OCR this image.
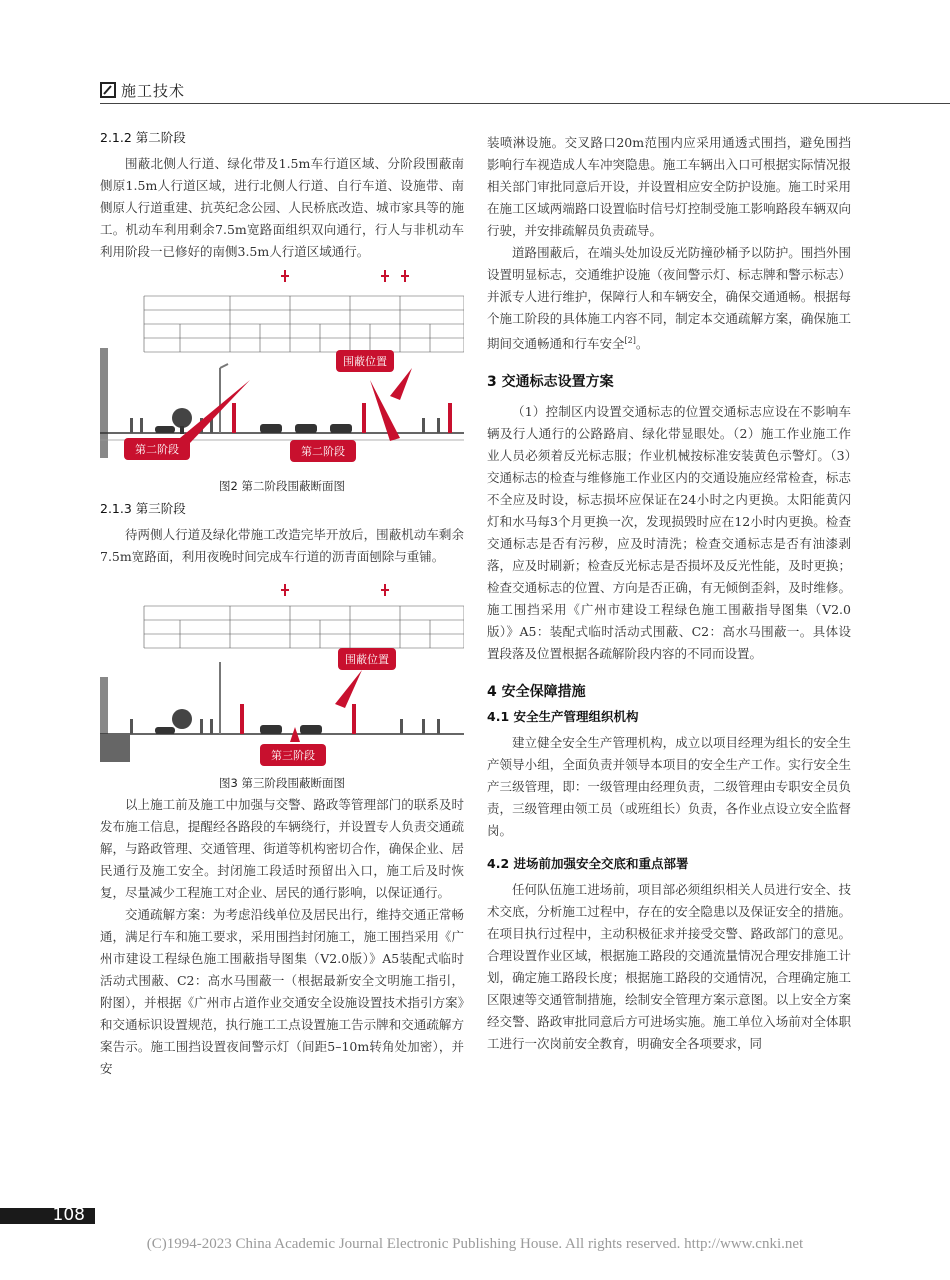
施工技术
2.1.2 第二阶段

围蔽北侧人行道、绿化带及1.5m车行道区域、分阶段围蔽南侧原1.5m人行道区域，进行北侧人行道、自行车道、设施带、南侧原人行道重建、抗英纪念公园、人民桥底改造、城市家具等的施工。机动车利用剩余7.5m宽路面组织双向通行，行人与非机动车利用阶段一已修好的南侧3.5m人行道区域通行。

围蔽位置
第二阶段	第二阶段
图2 第二阶段围蔽断面图
2.1.3 第三阶段

待两侧人行道及绿化带施工改造完毕开放后，围蔽机动车剩余7.5m宽路面，利用夜晚时间完成车行道的沥青面刨除与重铺。

围蔽位置
第三阶段
图3 第三阶段围蔽断面图

以上施工前及施工中加强与交警、路政等管理部门的联系及时发布施工信息，提醒经各路段的车辆绕行，并设置专人负责交通疏解，与路政管理、交通管理、街道等机构密切合作，确保企业、居民通行及施工安全。封闭施工段适时预留出入口，施工后及时恢复，尽量减少工程施工对企业、居民的通行影响，以保证通行。

交通疏解方案：为考虑沿线单位及居民出行，维持交通正常畅通，满足行车和施工要求，采用围挡封闭施工，施工围挡采用《广州市建设工程绿色施工围蔽指导图集（V2.0版）》A5装配式临时活动式围蔽、C2：高水马围蔽一（根据最新安全文明施工指引，附图），并根据《广州市占道作业交通安全设施设置技术指引方案》和交通标识设置规范，执行施工工点设置施工告示牌和交通疏解方案告示。施工围挡设置夜间警示灯（间距5–10m转角处加密），并安

装喷淋设施。交叉路口20m范围内应采用通透式围挡，避免围挡影响行车视造成人车冲突隐患。施工车辆出入口可根据实际情况报相关部门审批同意后开设，并设置相应安全防护设施。施工时采用在施工区域两端路口设置临时信号灯控制受施工影响路段车辆双向行驶，并安排疏解员负责疏导。

道路围蔽后，在端头处加设反光防撞砂桶予以防护。围挡外围设置明显标志，交通维护设施（夜间警示灯、标志牌和警示标志）并派专人进行维护，保障行人和车辆安全，确保交通通畅。根据每个施工阶段的具体施工内容不同，制定本交通疏解方案，确保施工期间交通畅通和行车安全[2]。

3 交通标志设置方案

（1）控制区内设置交通标志的位置交通标志应设在不影响车辆及行人通行的公路路肩、绿化带显眼处。（2）施工作业施工作业人员必须着反光标志服；作业机械按标准安装黄色示警灯。（3）交通标志的检查与维修施工作业区内的交通设施应经常检查，标志不全应及时设，标志损坏应保证在24小时之内更换。太阳能黄闪灯和水马每3个月更换一次，发现损毁时应在12小时内更换。检查交通标志是否有污秽，应及时清洗；检查交通标志是否有油漆剥落，应及时刷新；检查反光标志是否损坏及反光性能，及时更换；检查交通标志的位置、方向是否正确，有无倾倒歪斜，及时维修。施工围挡采用《广州市建设工程绿色施工围蔽指导图集（V2.0版）》A5：装配式临时活动式围蔽、C2：高水马围蔽一。具体设置段落及位置根据各疏解阶段内容的不同而设置。

4 安全保障措施
4.1 安全生产管理组织机构

建立健全安全生产管理机构，成立以项目经理为组长的安全生产领导小组，全面负责并领导本项目的安全生产工作。实行安全生产三级管理，即：一级管理由经理负责，二级管理由专职安全员负责，三级管理由领工员（或班组长）负责，各作业点设立安全监督岗。

4.2 进场前加强安全交底和重点部署

任何队伍施工进场前，项目部必须组织相关人员进行安全、技术交底，分析施工过程中，存在的安全隐患以及保证安全的措施。在项目执行过程中，主动积极征求并接受交警、路政部门的意见。合理设置作业区域，根据施工路段的交通流量情况合理安排施工计划，确定施工路段长度；根据施工路段的交通情况，合理确定施工区限速等交通管制措施，绘制安全管理方案示意图。以上安全方案经交警、路政审批同意后方可进场实施。施工单位入场前对全体职工进行一次岗前安全教育，明确安全各项要求，同

108
(C)1994-2023 China Academic Journal Electronic Publishing House. All rights reserved. http://www.cnki.net
